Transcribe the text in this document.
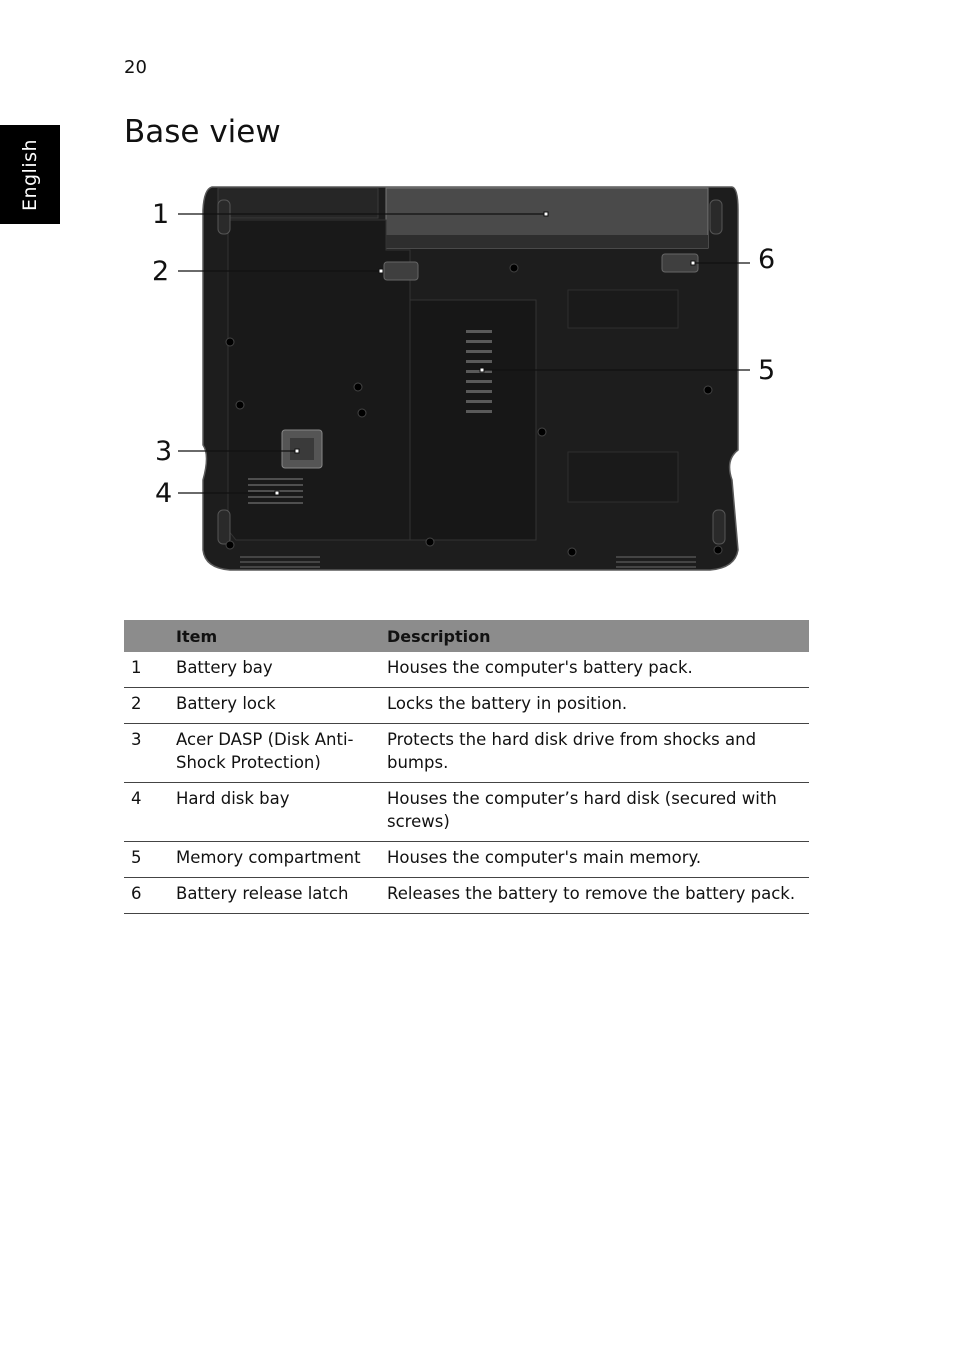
20
English
Base view
1
2
3
4
5
6
	Item	Description
1	Battery bay	Houses the computer's battery pack.
2	Battery lock	Locks the battery in position.
3	Acer DASP (Disk Anti-Shock Protection)	Protects the hard disk drive from shocks and bumps.
4	Hard disk bay	Houses the computer’s hard disk (secured with screws)
5	Memory compartment	Houses the computer's main memory.
6	Battery release latch	Releases the battery to remove the battery pack.
